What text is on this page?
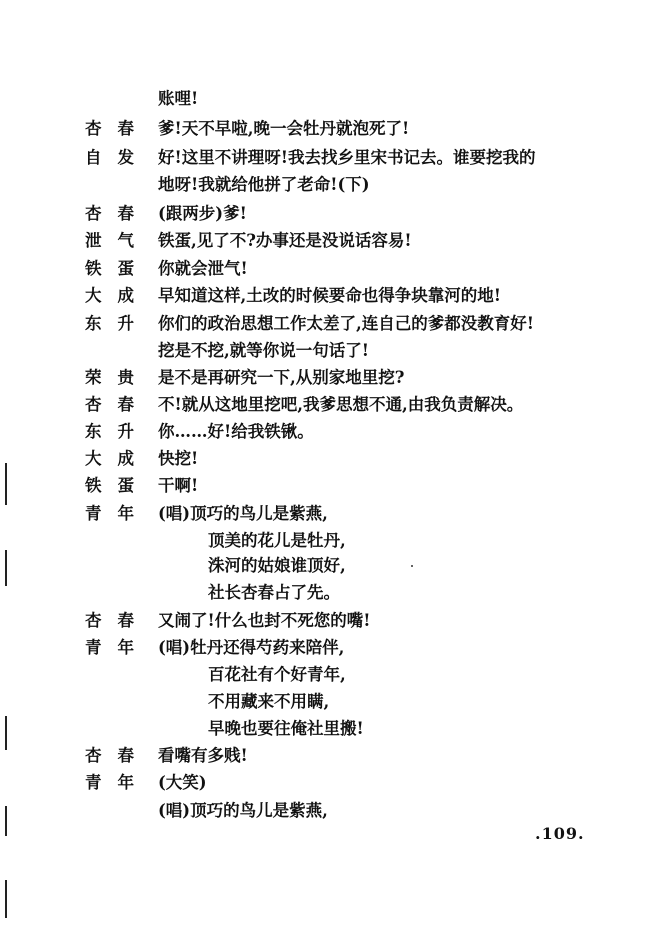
账哩!
杏春 爹!天不早啦,晚一会牡丹就泡死了!
自发 好!这里不讲理呀!我去找乡里宋书记去。谁要挖我的
地呀!我就给他拼了老命!(下)
杏春 (跟两步)爹!
泄气 铁蛋,见了不?办事还是没说话容易!
铁蛋 你就会泄气!
大成 早知道这样,土改的时候要命也得争块靠河的地!
东升 你们的政治思想工作太差了,连自己的爹都没教育好!
挖是不挖,就等你说一句话了!
荣贵 是不是再研究一下,从别家地里挖?
杏春 不!就从这地里挖吧,我爹思想不通,由我负责解决。
东升 你……好!给我铁锹。
大成 快挖!
铁蛋 干啊!
青年 (唱)顶巧的鸟儿是紫燕,
顶美的花儿是牡丹,
洙河的姑娘谁顶好,
社长杏春占了先。
杏春 又闹了!什么也封不死您的嘴!
青年 (唱)牡丹还得芍药来陪伴,
百花社有个好青年,
不用藏来不用瞒,
早晚也要往俺社里搬!
杏春 看嘴有多贱!
青年 (大笑)
(唱)顶巧的鸟儿是紫燕,
.109.
